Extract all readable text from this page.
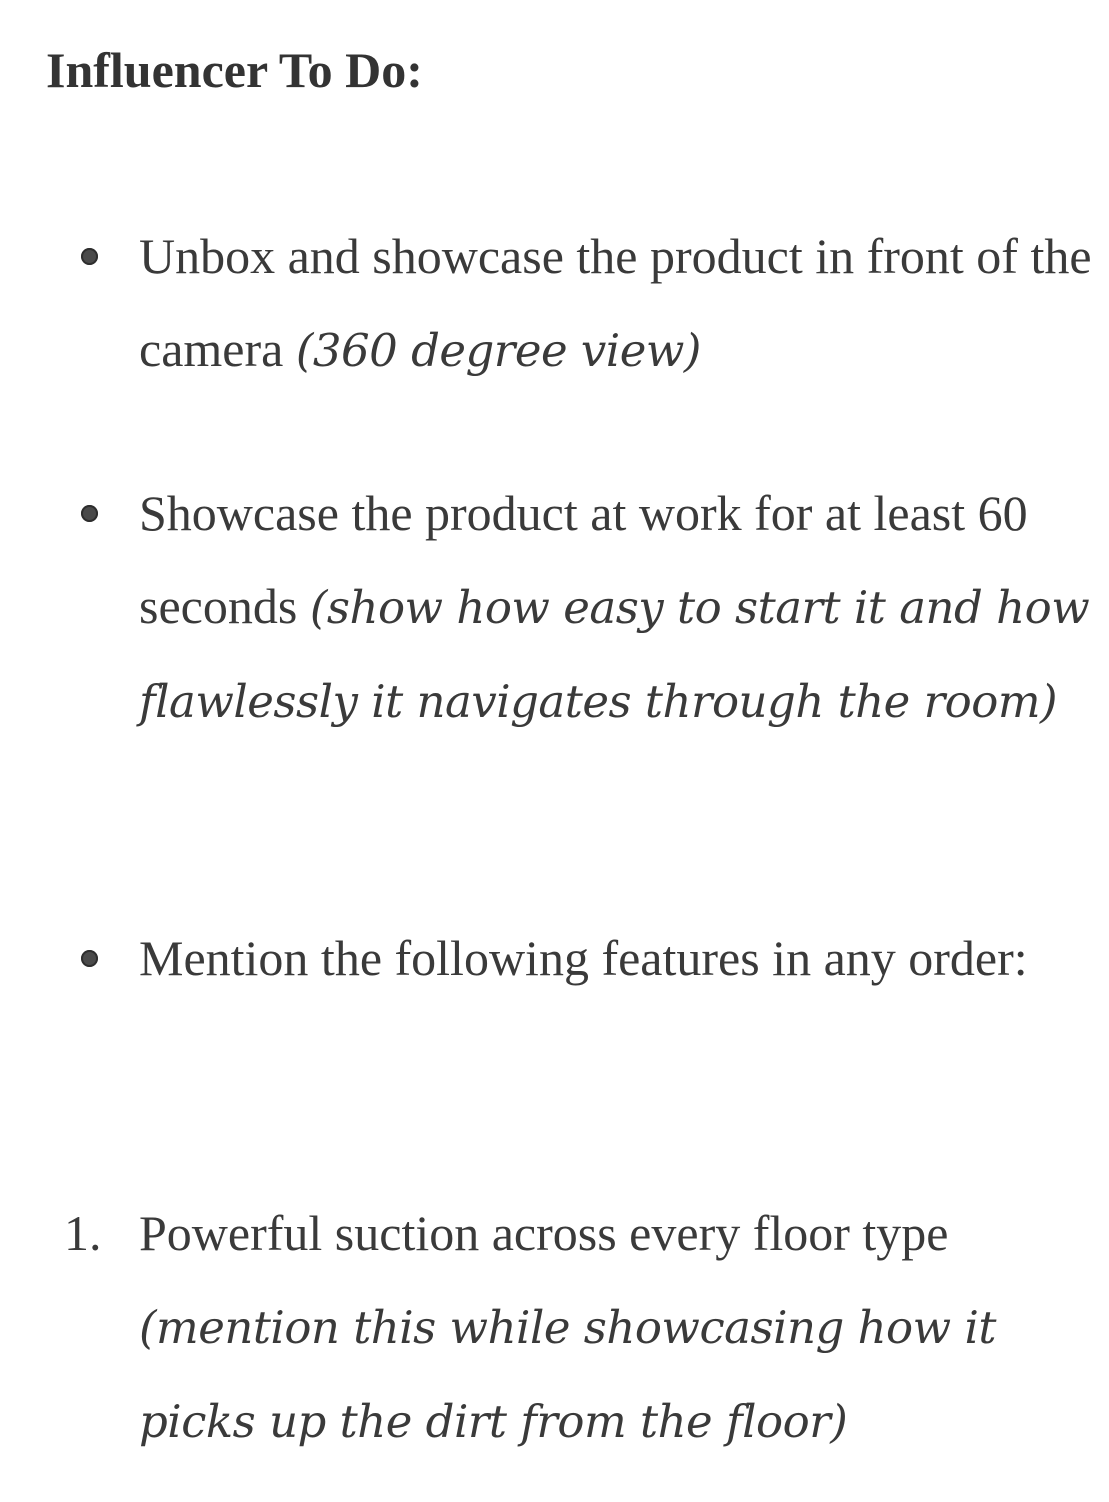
Influencer To Do:
Unbox and showcase the product in front of the camera (360 degree view)
Showcase the product at work for at least 60 seconds (show how easy to start it and how flawlessly it navigates through the room)
Mention the following features in any order:
1. Powerful suction across every floor type (mention this while showcasing how it picks up the dirt from the floor)
